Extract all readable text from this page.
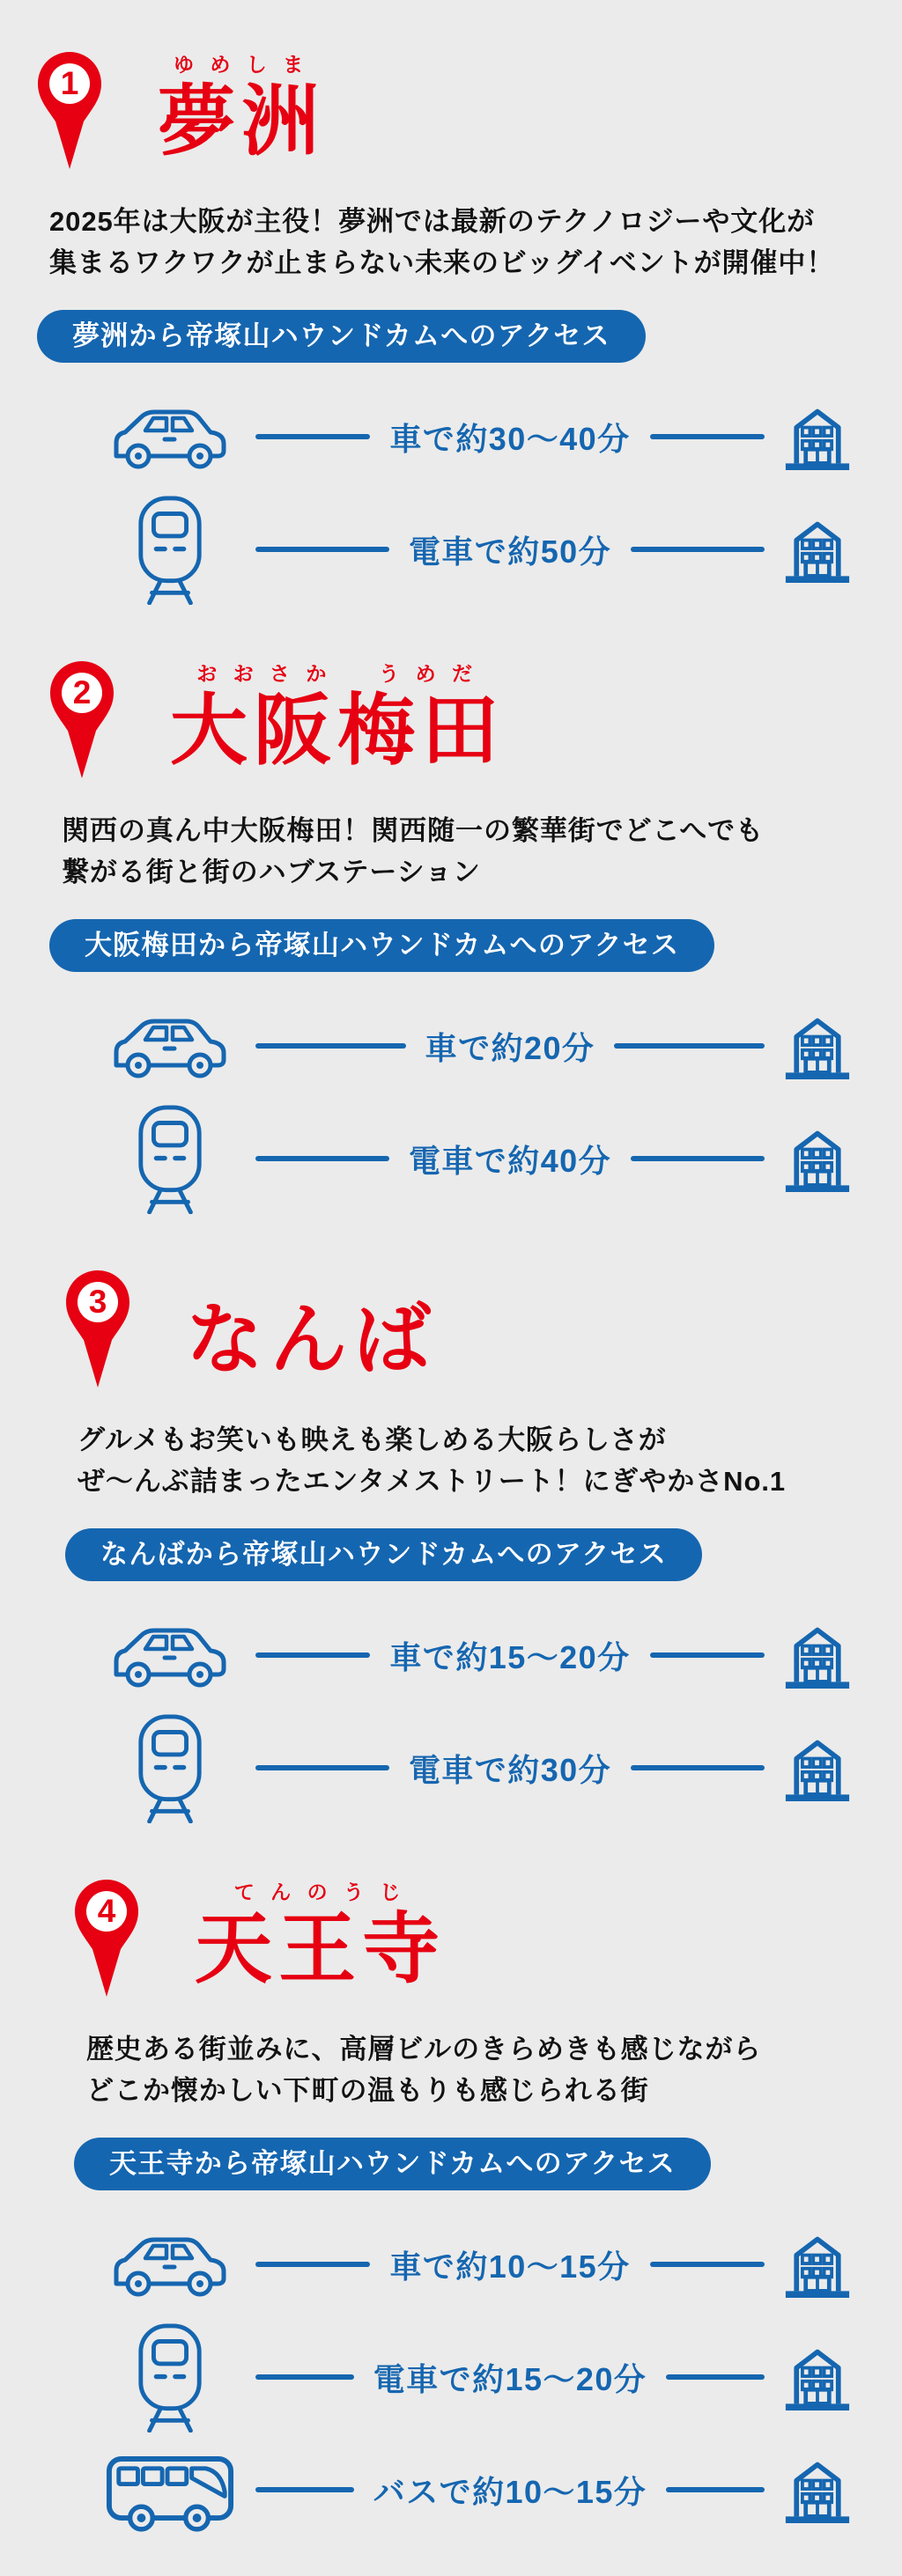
1
ゆめしま
夢洲

2025年は大阪が主役！夢洲では最新のテクノロジーや文化が
集まるワクワクが止まらない未来のビッグイベントが開催中！

夢洲から帝塚山ハウンドカムへのアクセス
車で約30～40分
電車で約50分
2
おおさか　うめだ
大阪梅田

関西の真ん中大阪梅田！関西随一の繁華街でどこへでも
繋がる街と街のハブステーション

大阪梅田から帝塚山ハウンドカムへのアクセス
車で約20分
電車で約40分
3 なんば

グルメもお笑いも映えも楽しめる大阪らしさが
ぜ～んぶ詰まったエンタメストリート！にぎやかさNo.1

なんばから帝塚山ハウンドカムへのアクセス
車で約15～20分
電車で約30分
4
てんのうじ
天王寺

歴史ある街並みに、高層ビルのきらめきも感じながら
どこか懐かしい下町の温もりも感じられる街

天王寺から帝塚山ハウンドカムへのアクセス
車で約10～15分
電車で約15～20分
バスで約10～15分
